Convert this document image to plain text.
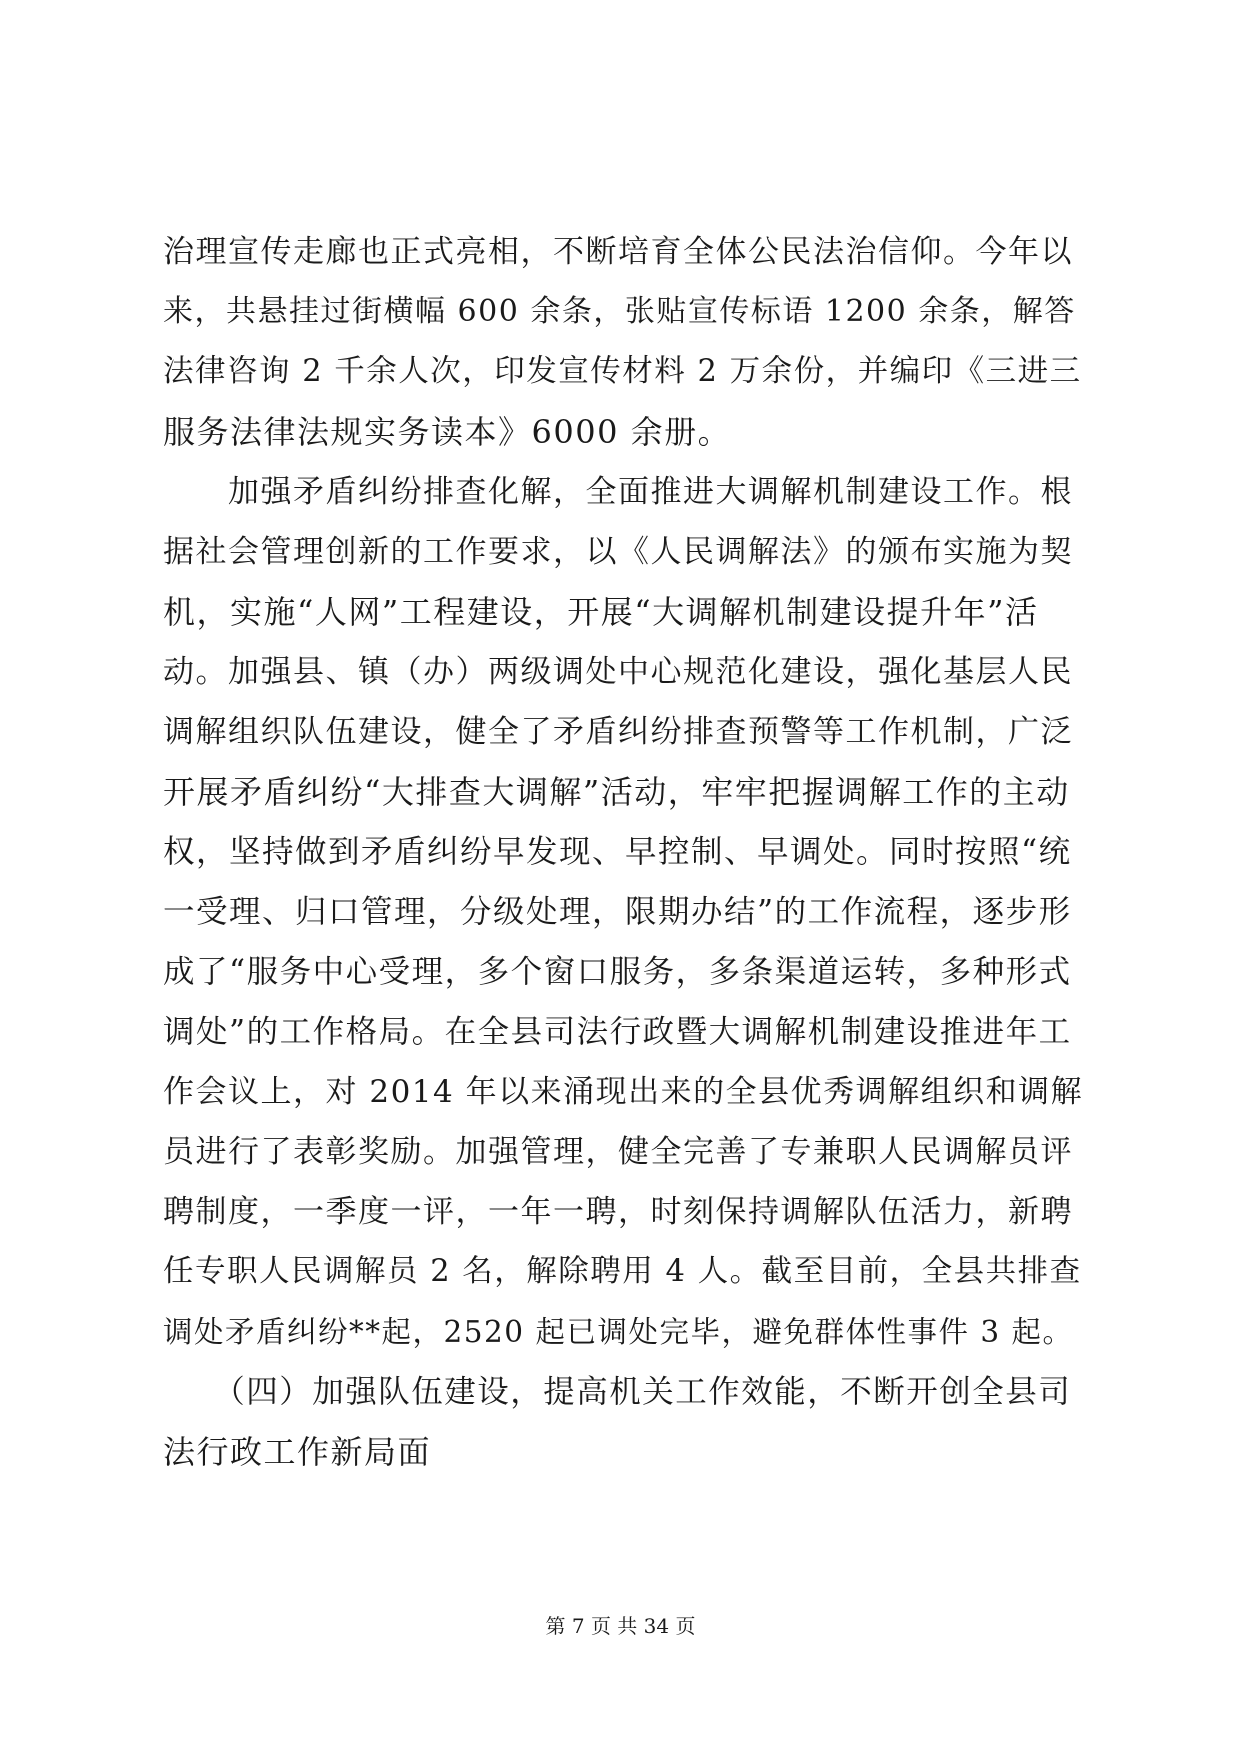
治理宣传走廊也正式亮相，不断培育全体公民法治信仰。今年以
来，共悬挂过街横幅 600 余条，张贴宣传标语 1200 余条，解答
法律咨询 2 千余人次，印发宣传材料 2 万余份，并编印《三进三
服务法律法规实务读本》6000 余册。
　　加强矛盾纠纷排查化解，全面推进大调解机制建设工作。根
据社会管理创新的工作要求，以《人民调解法》的颁布实施为契
机，实施“人网”工程建设，开展“大调解机制建设提升年”活
动。加强县、镇（办）两级调处中心规范化建设，强化基层人民
调解组织队伍建设，健全了矛盾纠纷排查预警等工作机制，广泛
开展矛盾纠纷“大排查大调解”活动，牢牢把握调解工作的主动
权，坚持做到矛盾纠纷早发现、早控制、早调处。同时按照“统
一受理、归口管理，分级处理，限期办结”的工作流程，逐步形
成了“服务中心受理，多个窗口服务，多条渠道运转，多种形式
调处”的工作格局。在全县司法行政暨大调解机制建设推进年工
作会议上，对 2014 年以来涌现出来的全县优秀调解组织和调解
员进行了表彰奖励。加强管理，健全完善了专兼职人民调解员评
聘制度，一季度一评，一年一聘，时刻保持调解队伍活力，新聘
任专职人民调解员 2 名，解除聘用 4 人。截至目前，全县共排查
调处矛盾纠纷**起，2520 起已调处完毕，避免群体性事件 3 起。
　　（四）加强队伍建设，提高机关工作效能，不断开创全县司
法行政工作新局面
第 7 页 共 34 页
